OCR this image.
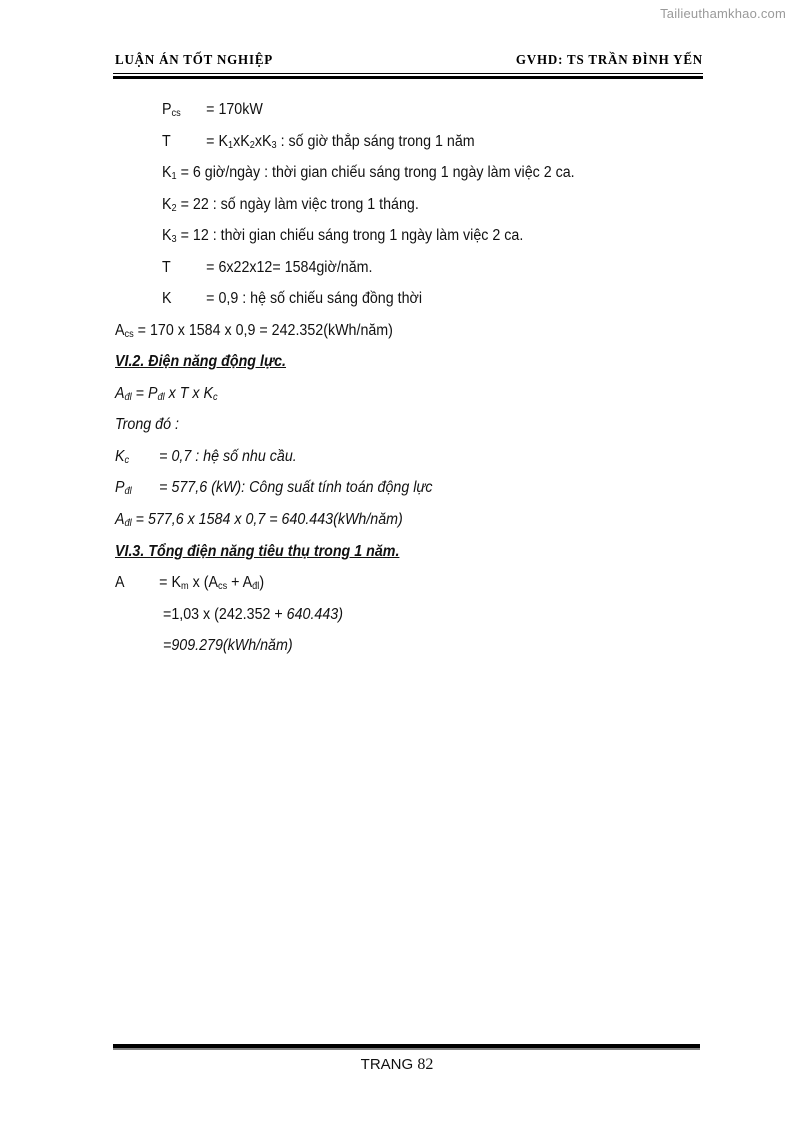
Tailieuthamkhao.com
LUẬN ÁN TỐT NGHIỆP	GVHD: TS TRẦN ĐÌNH YẾN
$P_{cs} = 170kW$
$T = K_1xK_2xK_3$ : số giờ thắp sáng trong 1 năm
$K_1 = 6$ giờ/ngày : thời gian chiếu sáng trong 1 ngày làm việc 2 ca.
$K_2 = 22$ : số ngày làm việc trong 1 tháng.
$K_3 = 12$ : thời gian chiếu sáng trong 1 ngày làm việc 2 ca.
T = 6x22x12= 1584giờ/năm.
K = 0,9 : hệ số chiếu sáng đồng thời
$A_{cs} = 170$ x 1584 x 0,9 = 242.352(kWh/năm)
VI.2. Điện năng động lực.
$A_{đl} = P_{đl}$ x T x $K_c$
Trong đó :
$K_c = 0,7$ : hệ số nhu cầu.
$P_{đl} = 577,6$ (kW): Công suất tính toán động lực
$A_{đl} = 577,6$ x 1584 x 0,7 = 640.443(kWh/năm)
VI.3. Tổng điện năng tiêu thụ trong 1 năm.
$A = K_m$ x $(A_{cs} + A_{đl})$
=1,03 x (242.352 + 640.443)
=909.279(kWh/năm)
TRANG 82
